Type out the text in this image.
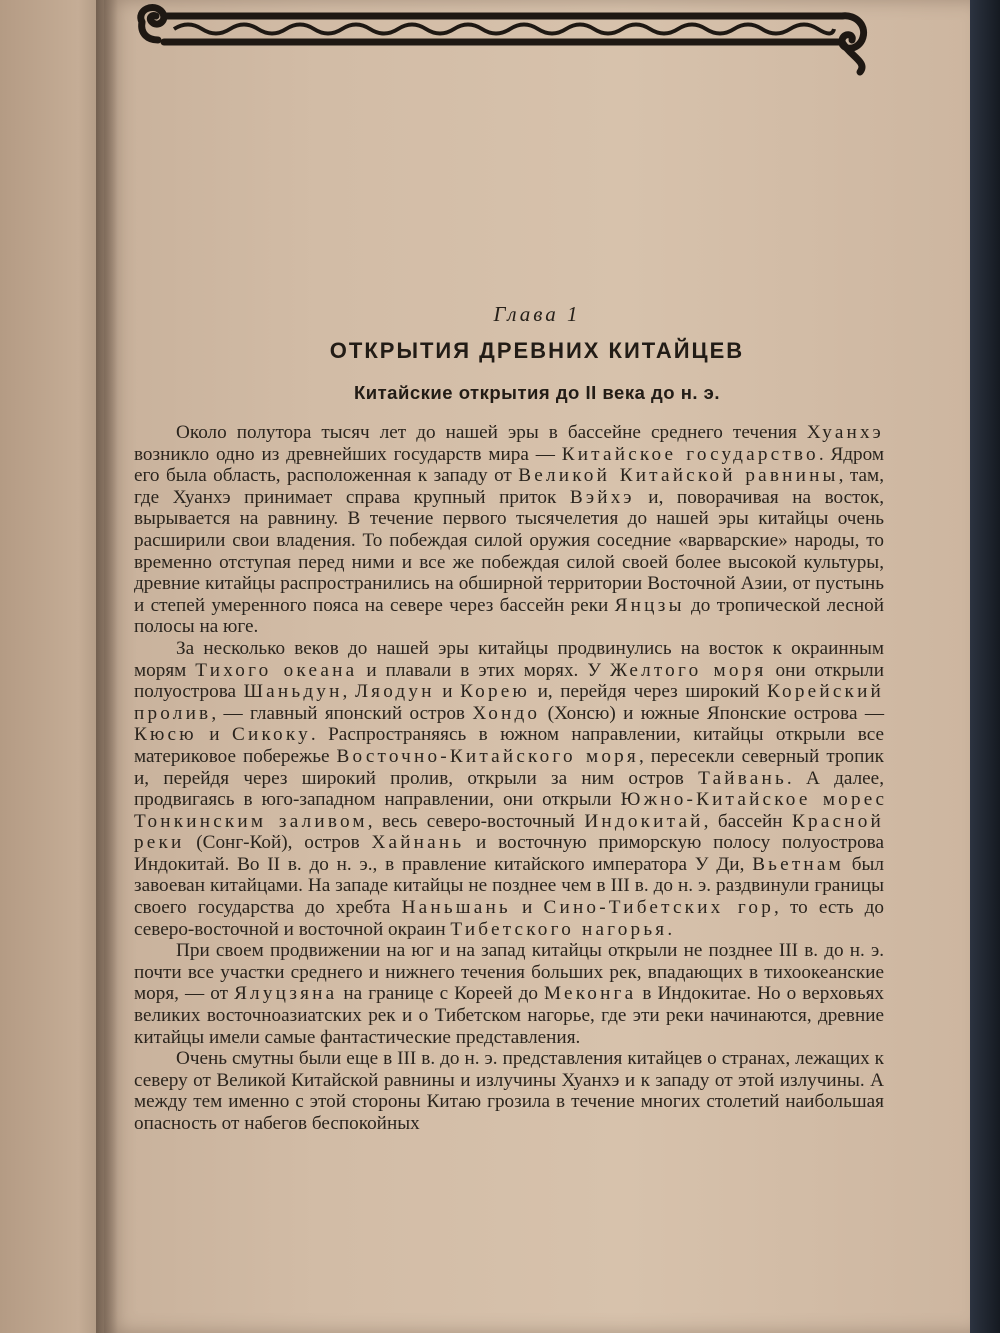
Глава 1
ОТКРЫТИЯ ДРЕВНИХ КИТАЙЦЕВ
Китайские открытия до II века до н. э.

Около полутора тысяч лет до нашей эры в бассейне среднего течения Хуанхэ возникло одно из древнейших государств мира — Китайское государство. Ядром его была область, расположенная к западу от Великой Китайской равнины, там, где Хуанхэ принимает справа крупный приток Вэйхэ и, поворачивая на восток, вырывается на равнину. В течение первого тысячелетия до нашей эры китайцы очень расширили свои владения. То побеждая силой оружия соседние «варварские» народы, то временно отступая перед ними и все же побеждая силой своей более высокой культуры, древние китайцы распространились на обширной территории Восточной Азии, от пустынь и степей умеренного пояса на севере через бассейн реки Янцзы до тропической лесной полосы на юге.

За несколько веков до нашей эры китайцы продвинулись на восток к окраинным морям Тихого океана и плавали в этих морях. У Желтого моря они открыли полуострова Шаньдун, Ляодун и Корею и, перейдя через широкий Корейский пролив, — главный японский остров Хондо (Хонсю) и южные Японские острова — Кюсю и Сикоку. Распространяясь в южном направлении, китайцы открыли все материковое побережье Восточно-Китайского моря, пересекли северный тропик и, перейдя через широкий пролив, открыли за ним остров Тайвань. А далее, продвигаясь в юго-западном направлении, они открыли Южно-Китайское морес Тонкинским заливом, весь северо-восточный Индокитай, бассейн Красной реки (Сонг-Кой), остров Хайнань и восточную приморскую полосу полуострова Индокитай. Во II в. до н. э., в правление китайского императора У Ди, Вьетнам был завоеван китайцами. На западе китайцы не позднее чем в III в. до н. э. раздвинули границы своего государства до хребта Наньшань и Сино-Тибетских гор, то есть до северо-восточной и восточной окраин Тибетского нагорья.

При своем продвижении на юг и на запад китайцы открыли не позднее III в. до н. э. почти все участки среднего и нижнего течения больших рек, впадающих в тихоокеанские моря, — от Ялуцзяна на границе с Кореей до Меконга в Индокитае. Но о верховьях великих восточноазиатских рек и о Тибетском нагорье, где эти реки начинаются, древние китайцы имели самые фантастические представления.

Очень смутны были еще в III в. до н. э. представления китайцев о странах, лежащих к северу от Великой Китайской равнины и излучины Хуанхэ и к западу от этой излучины. А между тем именно с этой стороны Китаю грозила в течение многих столетий наибольшая опасность от набегов беспокойных
